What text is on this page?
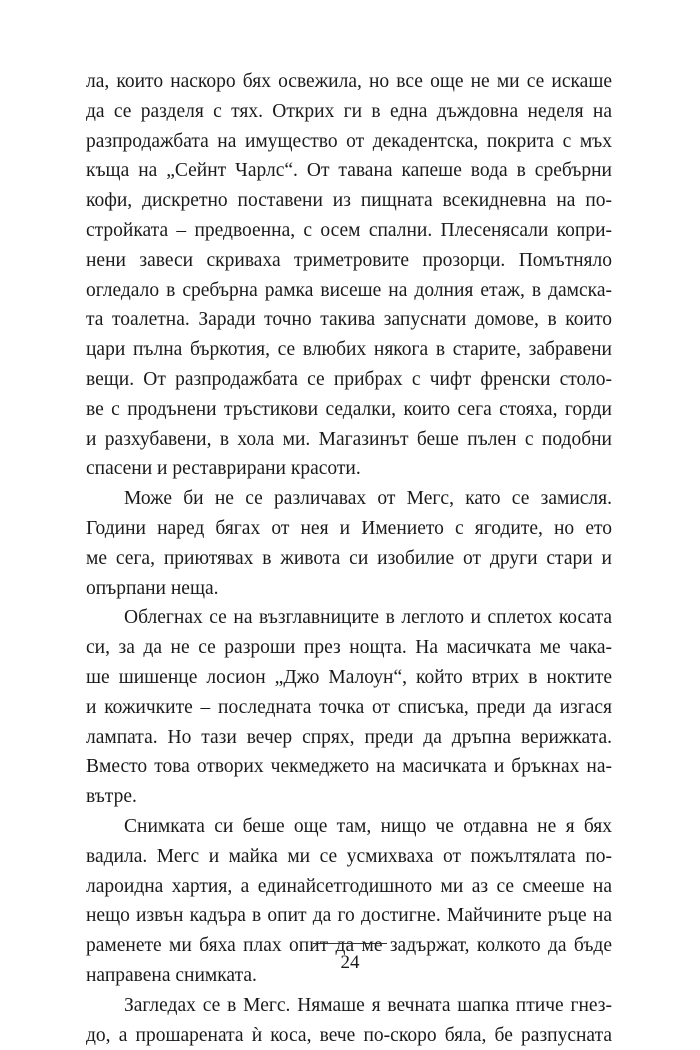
ла, които наскоро бях освежила, но все още не ми се искаше
да се разделя с тях. Открих ги в една дъждовна неделя на
разпродажбата на имущество от декадентска, покрита с мъх
къща на „Сейнт Чарлс“. От тавана капеше вода в сребърни
кофи, дискретно поставени из пищната всекидневна на по-
стройката – предвоенна, с осем спални. Плесенясали копри-
нени завеси скриваха триметровите прозорци. Помътняло
огледало в сребърна рамка висеше на долния етаж, в дамска-
та тоалетна. Заради точно такива запуснати домове, в които
цари пълна бъркотия, се влюбих някога в старите, забравени
вещи. От разпродажбата се прибрах с чифт френски столо-
ве с продънени тръстикови седалки, които сега стояха, горди
и разхубавени, в хола ми. Магазинът беше пълен с подобни
спасени и реставрирани красоти.
Може би не се различавах от Мегс, като се замисля.
Години наред бягах от нея и Имението с ягодите, но ето
ме сега, приютявах в живота си изобилие от други стари и
опърпани неща.
Облегнах се на възглавниците в леглото и сплетох косата
си, за да не се разроши през нощта. На масичката ме чака-
ше шишенце лосион „Джо Малоун“, който втрих в ноктите
и кожичките – последната точка от списъка, преди да изгася
лампата. Но тази вечер спрях, преди да дръпна верижката.
Вместо това отворих чекмеджето на масичката и бръкнах на-
вътре.
Снимката си беше още там, нищо че отдавна не я бях
вадила. Мегс и майка ми се усмихваха от пожълтялата по-
лароидна хартия, а единайсетгодишното ми аз се смееше на
нещо извън кадъра в опит да го достигне. Майчините ръце на
раменете ми бяха плах опит да ме задържат, колкото да бъде
направена снимката.
Загледах се в Мегс. Нямаше я вечната шапка птиче гнез-
до, а прошарената ѝ коса, вече по-скоро бяла, бе разпусната
24
